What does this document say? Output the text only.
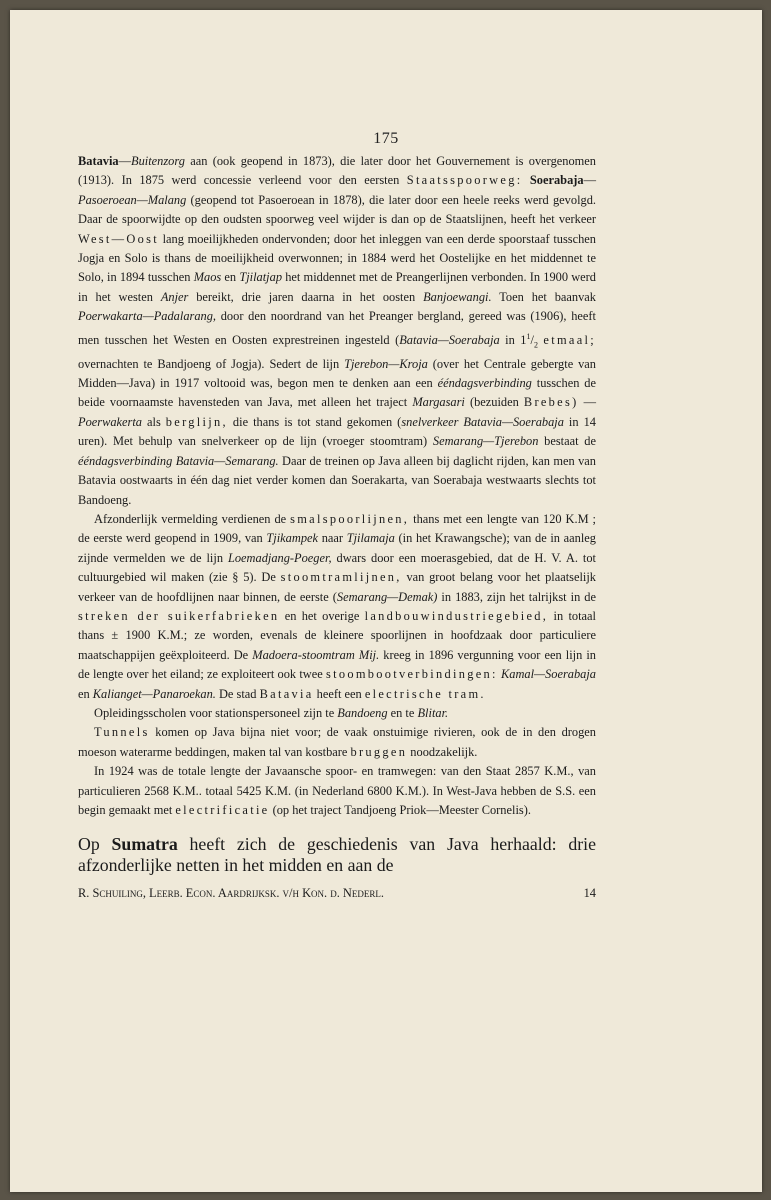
175

Batavia—Buitenzorg aan (ook geopend in 1873), die later door het Gouvernement is overgenomen (1913). In 1875 werd concessie verleend voor den eersten Staatsspoorweg: Soerabaja—Pasoeroean—Malang (geopend tot Pasoeroean in 1878), die later door een heele reeks werd gevolgd. Daar de spoorwijdte op den oudsten spoorweg veel wijder is dan op de Staatslijnen, heeft het verkeer West—Oost lang moeilijkheden ondervonden; door het inleggen van een derde spoorstaaf tusschen Jogja en Solo is thans de moeilijkheid overwonnen; in 1884 werd het Oostelijke en het middennet te Solo, in 1894 tusschen Maos en Tjilatjap het middennet met de Preangerlijnen verbonden. In 1900 werd in het westen Anjer bereikt, drie jaren daarna in het oosten Banjoewangi. Toen het baanvak Poerwakarta—Padalarang, door den noordrand van het Preanger bergland, gereed was (1906), heeft men tusschen het Westen en Oosten exprestreinen ingesteld (Batavia—Soerabaja in $1^1/_2$ etmaal; overnachten te Bandjoeng of Jogja). Sedert de lijn Tjerebon—Kroja (over het Centrale gebergte van Midden—Java) in 1917 voltooid was, begon men te denken aan een ééndagsverbinding tusschen de beide voornaamste havensteden van Java, met alleen het traject Margasari (bezuiden Brebes) — Poerwakerta als berglijn, die thans is tot stand gekomen (snelverkeer Batavia—Soerabaja in 14 uren). Met behulp van snelverkeer op de lijn (vroeger stoomtram) Semarang—Tjerebon bestaat de ééndagsverbinding Batavia—Semarang. Daar de treinen op Java alleen bij daglicht rijden, kan men van Batavia oostwaarts in één dag niet verder komen dan Soerakarta, van Soerabaja westwaarts slechts tot Bandoeng.

Afzonderlijk vermelding verdienen de smalspoorlijnen, thans met een lengte van 120 K.M ; de eerste werd geopend in 1909, van Tjikampek naar Tjilamaja (in het Krawangsche); van de in aanleg zijnde vermelden we de lijn Loemadjang-Poeger, dwars door een moerasgebied, dat de H. V. A. tot cultuurgebied wil maken (zie § 5). De stoomtramlijnen, van groot belang voor het plaatselijk verkeer van de hoofdlijnen naar binnen, de eerste (Semarang—Demak) in 1883, zijn het talrijkst in de streken der suikerfabrieken en het overige landbouwindustriegebied, in totaal thans ± 1900 K.M.; ze worden, evenals de kleinere spoorlijnen in hoofdzaak door particuliere maatschappijen geëxploiteerd. De Madoera-stoomtram Mij. kreeg in 1896 vergunning voor een lijn in de lengte over het eiland; ze exploiteert ook twee stoombootverbindingen: Kamal—Soerabaja en Kalianget—Panaroekan. De stad Batavia heeft een electrische tram.

Opleidingsscholen voor stationspersoneel zijn te Bandoeng en te Blitar.

Tunnels komen op Java bijna niet voor; de vaak onstuimige rivieren, ook de in den drogen moeson waterarme beddingen, maken tal van kostbare bruggen noodzakelijk.

In 1924 was de totale lengte der Javaansche spoor- en tramwegen: van den Staat 2857 K.M., van particulieren 2568 K.M.. totaal 5425 K.M. (in Nederland 6800 K.M.). In West-Java hebben de S.S. een begin gemaakt met electrificatie (op het traject Tandjoeng Priok—Meester Cornelis).

Op Sumatra heeft zich de geschiedenis van Java herhaald: drie afzonderlijke netten in het midden en aan de

R. Schuiling, Leerb. Econ. Aardrijksk. v/h Kon. d. Nederl.	14
